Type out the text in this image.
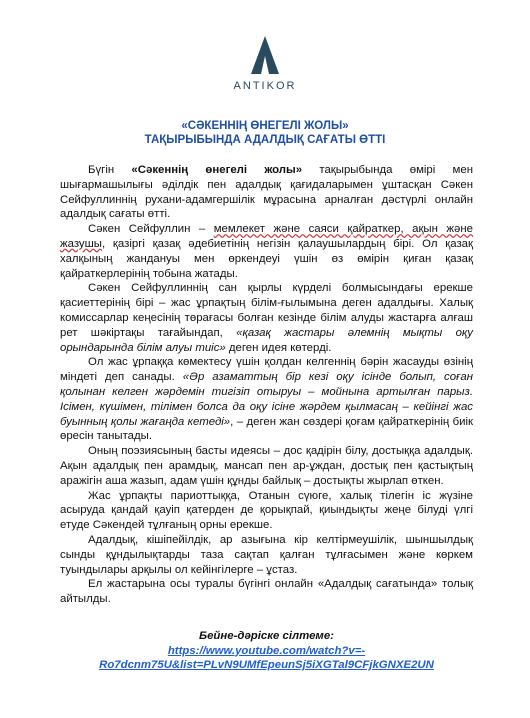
ANTIKOR
«СӘКЕННІҢ ӨНЕГЕЛІ ЖОЛЫ»
ТАҚЫРЫБЫНДА АДАЛДЫҚ САҒАТЫ ӨТТІ

Бүгін «Сәкеннің өнегелі жолы» тақырыбында өмірі мен шығармашылығы әділдік пен адалдық қағидаларымен ұштасқан Сәкен Сейфуллиннің рухани-адамгершілік мұрасына арналған дәстүрлі онлайн адалдық сағаты өтті.

Сәкен Сейфуллин – мемлекет және саяси қайраткер, ақын және жазушы, қазіргі қазақ әдебиетінің негізін қалаушылардың бірі. Ол қазақ халқының жандануы мен өркендеуі үшін өз өмірін қиған қазақ қайраткерлерінің тобына жатады.

Сәкен Сейфуллиннің сан қырлы күрделі болмысындағы ерекше қасиеттерінің бірі – жас ұрпақтың білім-ғылымына деген адалдығы. Халық комиссарлар кеңесінің төрағасы болған кезінде білім алуды жастарға алғаш рет шәкіртақы тағайындап, «қазақ жастары әлемнің мықты оқу орындарында білім алуы тиіс» деген идея көтерді.

Ол жас ұрпаққа көмектесу үшін қолдан келгеннің бәрін жасауды өзінің міндеті деп санады. «Әр азаматтың бір кезі оқу ісінде болып, соған қолынан келген жәрдемін тигізіп отыруы – мойнына артылған парыз. Ісімен, күшімен, тілімен болса да оқу ісіне жәрдем қылмасаң – кейінгі жас буынның қолы жағаңда кетеді», – деген жан сөздері қоғам қайраткерінің биік өресін танытады.

Оның поэзиясының басты идеясы – дос қадірін білу, достыққа адалдық. Ақын адалдық пен арамдық, мансап пен ар-ұждан, достық пен қастықтың аражігін аша жазып, адам үшін құнды байлық – достықты жырлап өткен.

Жас ұрпақты париоттыққа, Отанын сүюге, халық тілегін іс жүзіне асыруда қандай қауіп қатерден де қорықпай, қиындықты жеңе білуді үлгі етуде Сәкендей тұлғаның орны ерекше.

Адалдық, кішіпейілдік, ар азығына кір келтірмеушілік, шыншылдық сынды құндылықтарды таза сақтап қалған тұлғасымен және көркем туындылары арқылы ол кейінгілерге – ұстаз.

Ел жастарына осы туралы бүгінгі онлайн «Адалдық сағатында» толық айтылды.

Бейне-дәріске сілтеме:
https://www.youtube.com/watch?v=-
Ro7dcnm75U&list=PLvN9UMfEpeunSj5iXGTal9CFjkGNXE2UN
